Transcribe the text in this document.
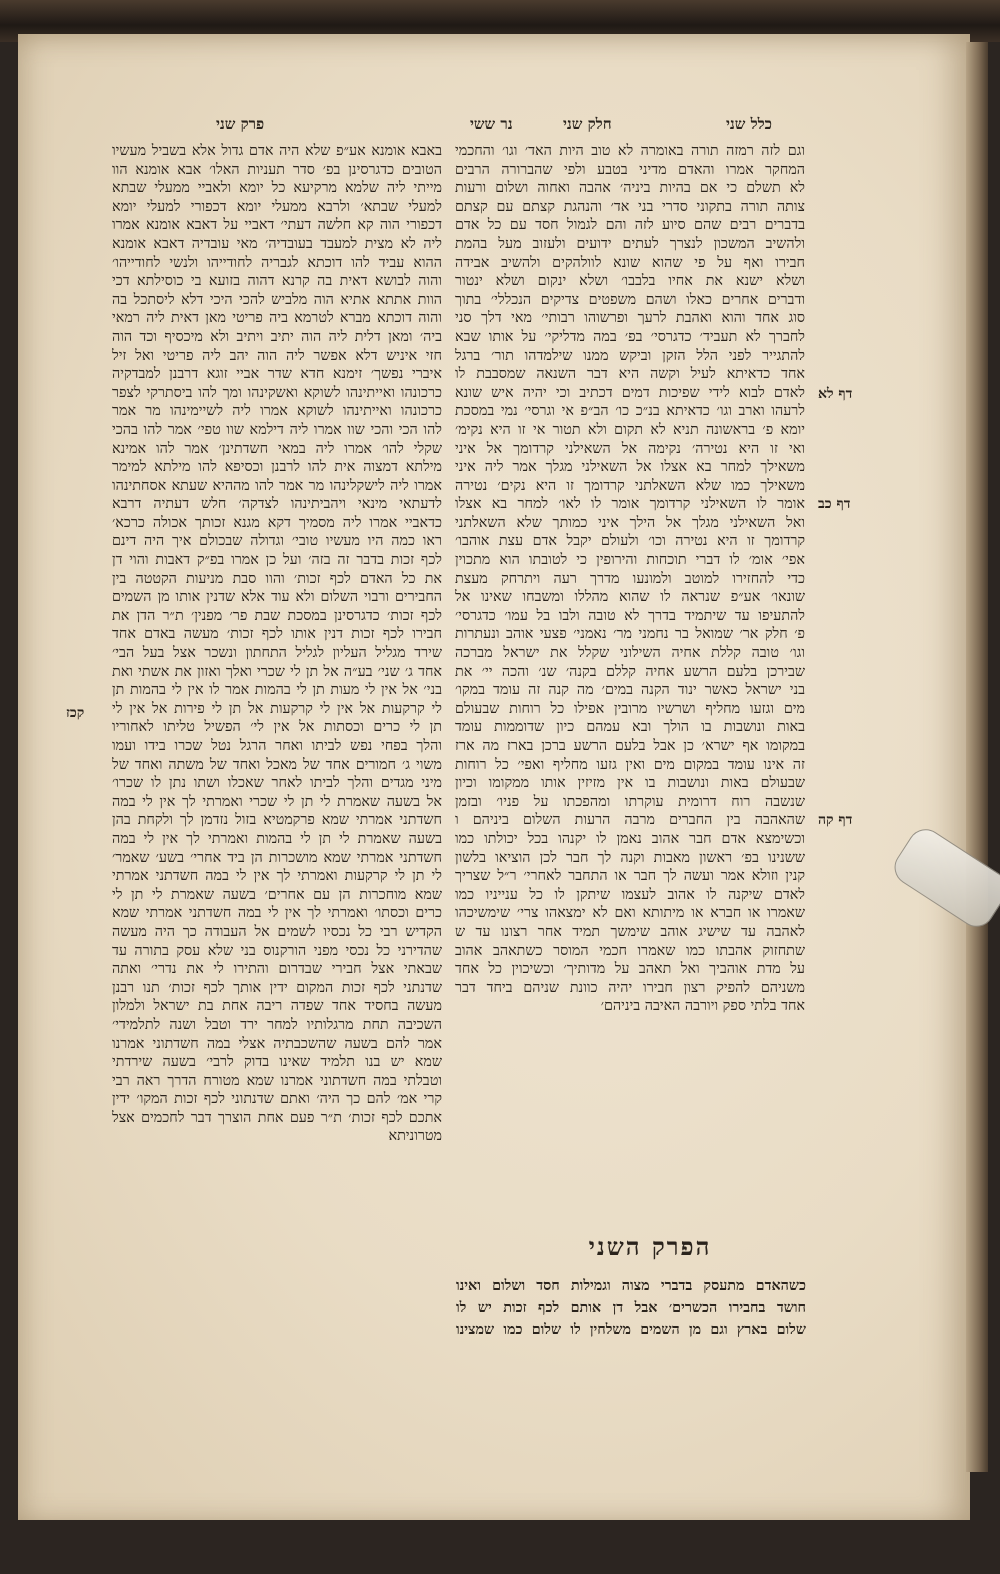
כלל שני
חלק שני
נר ששי
פרק שני
דף לא
דף כב
דף קה
קכז
וגם לזה רמזה תורה באומרה לא טוב היות האד׳ וגו׳ והחכמי
המחקר אמרו והאדם מדיני בטבע ולפי שהברורה הרבים
לא תשלם כי אם בהיות ביניה׳ אהבה ואחוה ושלום ורעות
צותה תורה בתקוני סדרי בני אד׳ והנהגת קצתם עם קצתם
בדברים רבים שהם סיוע לזה והם לגמול חסד עם כל אדם
ולהשיב המשכון לנצרך לעתים ידועים ולעזוב מעל בהמת
חבירו ואף על פי שהוא שונא לוולהקים ולהשיב אבידה
ושלא ישנא את אחיו בלבבו׳ ושלא ינקום ושלא ינטור
ודברים אחרים כאלו ושהם משפטים צדיקים הנכללי׳ בתוך
סוג אחד והוא ואהבת לרעך ופרשוהו רבותי׳ מאי דלך סני
לחברך לא תעביד׳ כדגרסי׳ בפ׳ במה מדליקי׳ על אותו שבא
להתגייר לפני הלל הזקן וביקש ממנו שילמדהו תור׳ ברגל
אחד כדאיתא לעיל וקשה היא דבר השנאה שמסבבת לו
לאדם לבוא לידי שפיכות דמים דכתיב וכי יהיה איש שונא
לרעהו וארב וגו׳ כדאיתא בנ״כ כו׳ הב״פ אי וגרסי׳ נמי במסכת
יומא פ׳ בראשונה תניא לא תקום ולא תטור אי זו היא נקימ׳
ואי זו היא נטירה׳ נקימה אל השאילני קרדומך אל איני
משאילך למחר בא אצלו אל השאילני מגלך אמר ליה איני
משאילך כמו שלא השאלתני קרדומך זו היא נקים׳ נטירה
אומר לו השאילני קרדומך אומר לו לאו׳ למחר בא אצלו
ואל השאילני מגלך אל הילך איני כמותך שלא השאלתני
קרדומך זו היא נטירה וכו׳ ולעולם יקבל אדם עצת אוהבו׳
אפי׳ אומ׳ לו דברי תוכחות והירופין כי לטובתו הוא מתכוין
כדי להחזירו למוטב ולמונעו מדרך רעה ויתרחק מעצת
שונאו׳ אע״פ שנראה לו שהוא מהללו ומשבחו שאינו אל
להתעיפו עד שיתמיד בדרך לא טובה ולבו בל עמו׳ כדגרסי׳
פ׳ חלק אר׳ שמואל בר נחמני מר׳ נאמני׳ פצעי אוהב ונעתרות
וגו׳ טובה קללת אחיה השילוני שקלל את ישראל מברכה
שבירכן בלעם הרשע אחיה קללם בקנה׳ שנ׳ והכה יי׳ את
בני ישראל כאשר ינוד הקנה במים׳ מה קנה זה עומד במקו׳
מים וגזעו מחליף ושרשיו מרובין אפילו כל רוחות שבעולם
באות ונושבות בו הולך ובא עמהם כיון שדוממות עומד
במקומו אף ישרא׳ כן אבל בלעם הרשע ברכן בארז מה ארז
זה אינו עומד במקום מים ואין גזעו מחליף ואפי׳ כל רוחות
שבעולם באות ונושבות בו אין מזיזין אותו ממקומו וכיון
שנשבה רוח דרומית עוקרתו ומהפכתו על פניו׳ ובזמן
שהאהבה בין החברים מרבה הרעות השלום ביניהם ו
וכשימצא אדם חבר אהוב נאמן לו יקנהו בכל יכולתו כמו
ששנינו בפ׳ ראשון מאבות וקנה לך חבר לכן הוציאו בלשון
קנין וזולא אמר ועשה לך חבר או התחבר לאחרי׳ ר״ל שצריך
לאדם שיקנה לו אהוב לעצמו שיתקן לו כל ענייניו כמו
שאמרו או חברא או מיתותא ואם לא ימצאהו צרי׳ שימשיכהו
לאהבה עד שישיג אוהב שימשך תמיד אחר רצונו עד ש
שתחזוק אהבתו כמו שאמרו חכמי המוסר כשתאהב אהוב
על מדת אוהביך ואל תאהב על מדותיך׳ וכשיכוין כל אחד
משניהם להפיק רצון חבירו יהיה כוונת שניהם ביחד דבר
אחד בלתי ספק ויורבה האיבה ביניהם׳
באבא אומנא אע״פ שלא היה אדם גדול אלא בשביל מעשיו
הטובים כדגרסינן בפ׳ סדר תעניות האלו׳ אבא אומנא הוו
מייתי ליה שלמא מרקיעא כל יומא ולאביי ממעלי שבתא
למעלי שבתא׳ ולרבא ממעלי יומא דכפורי למעלי יומא
דכפורי הוה קא חלשה דעתי׳ דאביי על דאבא אומנא אמרו
ליה לא מצית למעבד בעובדיה׳ מאי עובדיה דאבא אומנא
ההוא עביד להו דוכתא לגבריה לחודייהו ולנשי לחודייהו׳
והוה לבושא דאית בה קרנא דהוה בזועא בי כוסילתא דכי
הוות אתתא אתיא הוה מלביש להכי היכי דלא ליסתכל בה
והוה דוכתא מברא לטרמא ביה פריטי מאן דאית ליה רמאי
ביה׳ ומאן דלית ליה הוה יתיב ויתיב ולא מיכסיף וכד הוה
חזי איניש דלא אפשר ליה הוה יהב ליה פריטי ואל זיל
איברי נפשך׳ זימנא חדא שדר אביי זוגא דרבנן למבדקיה
כרכונהו ואייתינהו לשוקא ואשקינהו ומך להו ביסתרקי לצפר
כרכונהו ואייתינהו לשוקא אמרו ליה לשיימינהו מר אמר
להו הכי והכי שוו אמרו ליה דילמא שוו טפי׳ אמר להו בהכי
שקלי להו׳ אמרו ליה במאי חשדתינן׳ אמר להו אמינא
מילתא דמצוה אית להו לרבנן וכסיפא להו מילתא למימר
אמרו ליה לישקלינהו מר אמר להו מההיא שעתא אסחתינהו
לדעתאי מינאי ויהביתינהו לצדקה׳ חלש דעתיה דרבא
כדאביי אמרו ליה מסמיך דקא מגנא זכותך אכולה כרכא׳
ראו כמה היו מעשיו טובי׳ וגדולה שבכולם איך היה דינם
לכף זכות בדבר זה בזה׳ ועל כן אמרו בפ״ק דאבות והוי דן
את כל האדם לכף זכות׳ והוו סבת מניעות הקטטה בין
החבירים ורבוי השלום ולא עוד אלא שדנין אותו מן השמים
לכף זכות׳ כדגרסינן במסכת שבת פר׳ מפנין׳ ת״ר הדן את
חבירו לכף זכות דנין אותו לכף זכות׳ מעשה באדם אחד
שירד מגליל העליון לגליל התחתון ונשכר אצל בעל הבי׳
אחד ג׳ שני׳ בע״ה אל תן לי שכרי ואלך ואזון את אשתי ואת
בני׳ אל אין לי מעות תן לי בהמות אמר לו אין לי בהמות תן
לי קרקעות אל אין לי קרקעות אל תן לי פירות אל אין לי
תן לי כרים וכסתות אל אין לי׳ הפשיל טליתו לאחוריו
והלך בפחי נפש לביתו ואחר הרגל נטל שכרו בידו ועמו
משוי ג׳ חמורים אחד של מאכל ואחד של משתה ואחד של
מיני מגדים והלך לביתו לאחר שאכלו ושתו נתן לו שכרו׳
אל בשעה שאמרת לי תן לי שכרי ואמרתי לך אין לי במה
חשדתני אמרתי שמא פרקמטיא בזול נזדמן לך ולקחת בהן
בשעה שאמרת לי תן לי בהמות ואמרתי לך אין לי במה
חשדתני אמרתי שמא מושכרות הן ביד אחרי׳ בשע׳ שאמר׳
לי תן לי קרקעות ואמרתי לך אין לי במה חשדתני אמרתי
שמא מוחכרות הן עם אחרים׳ בשעה שאמרת לי תן לי
כרים וכסתו׳ ואמרתי לך אין לי במה חשדתני אמרתי שמא
הקדיש רבי כל נכסיו לשמים אל העבודה כך היה מעשה
שהדירני כל נכסי מפני הורקנוס בני שלא עסק בתורה עד
שבאתי אצל חבירי שבדרום והתירו לי את נדרי׳ ואתה
שדנתני לכף זכות המקום ידין אותך לכף זכות׳ תנו רבנן
מעשה בחסיד אחד שפדה ריבה אחת בת ישראל ולמלון
השכיבה תחת מרגלותיו למחר ירד וטבל ושנה לתלמידי׳
אמר להם בשעה שהשכבתיה אצלי במה חשדתוני אמרנו
שמא יש בנו תלמיד שאינו בדוק לרבי׳ בשעה שירדתי
וטבלתי במה חשדתוני אמרנו שמא מטורח הדרך ראה רבי
קרי אמ׳ להם כך היה׳ ואתם שדנתוני לכף זכות המקו׳ ידין
אתכם לכף זכות׳ ת״ר פעם אחת הוצרך דבר לחכמים אצל
מטרוניתא
הפרק השני
כשהאדם מתעסק בדברי מצוה וגמילות חסד ושלום ואינו
חושד בחבירו הכשרים׳ אבל דן אותם לכף זכות יש לו
שלום בארץ וגם מן השמים משלחין לו שלום כמו שמצינו
